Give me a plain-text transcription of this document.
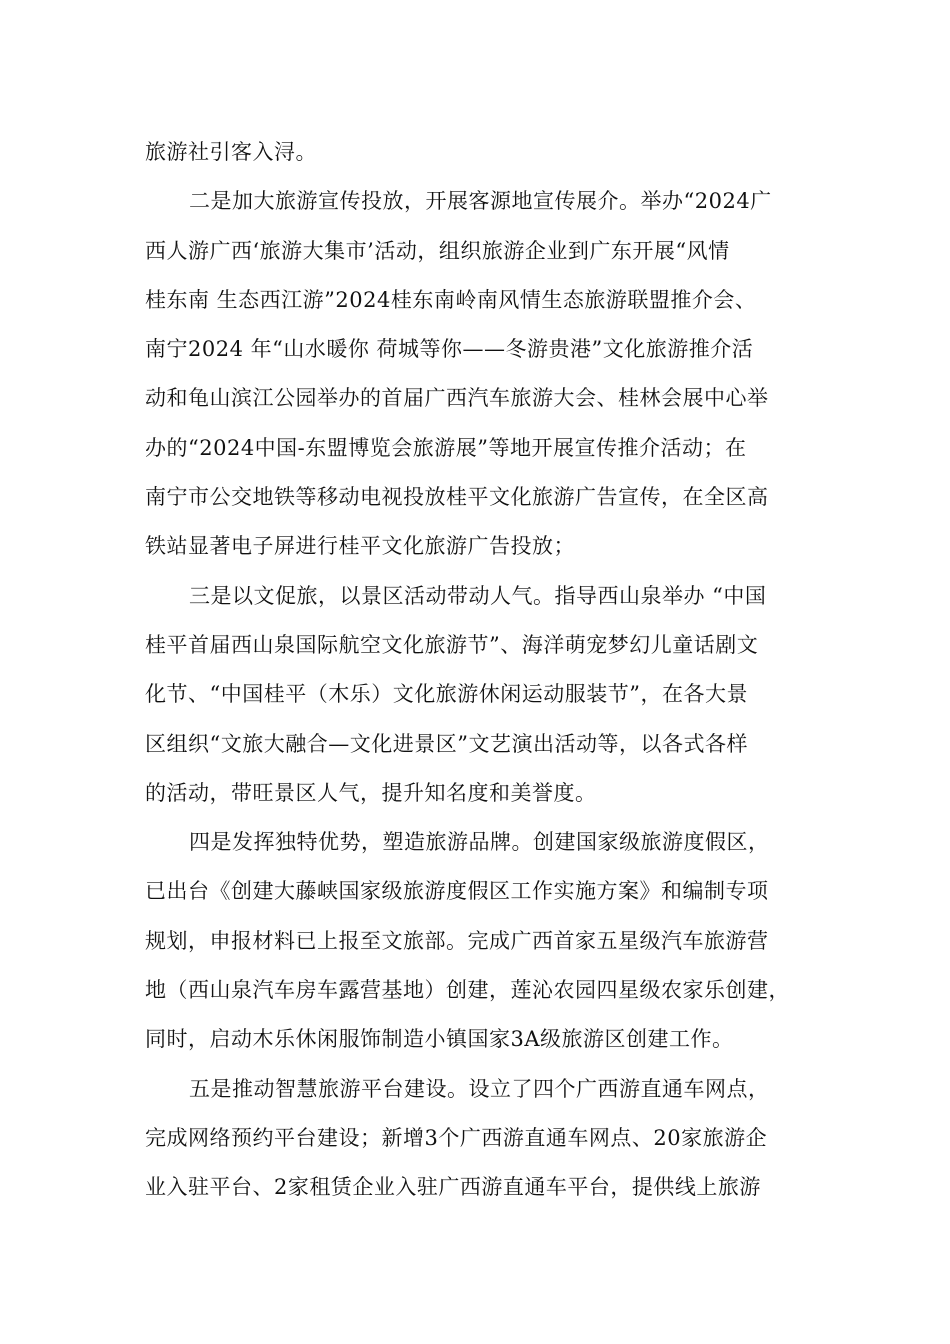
旅游社引客入浔。
二是加大旅游宣传投放，开展客源地宣传展介。举办“2024广
西人游广西‘旅游大集市’活动，组织旅游企业到广东开展“风情
桂东南 生态西江游”2024桂东南岭南风情生态旅游联盟推介会、
南宁2024 年“山水暖你 荷城等你——冬游贵港”文化旅游推介活
动和龟山滨江公园举办的首届广西汽车旅游大会、桂林会展中心举
办的“2024中国-东盟博览会旅游展”等地开展宣传推介活动；在
南宁市公交地铁等移动电视投放桂平文化旅游广告宣传，在全区高
铁站显著电子屏进行桂平文化旅游广告投放；
三是以文促旅，以景区活动带动人气。指导西山泉举办 “中国
桂平首届西山泉国际航空文化旅游节”、海洋萌宠梦幻儿童话剧文
化节、“中国桂平（木乐）文化旅游休闲运动服装节”，在各大景
区组织“文旅大融合—文化进景区”文艺演出活动等，以各式各样
的活动，带旺景区人气，提升知名度和美誉度。
四是发挥独特优势，塑造旅游品牌。创建国家级旅游度假区，
已出台《创建大藤峡国家级旅游度假区工作实施方案》和编制专项
规划，申报材料已上报至文旅部。完成广西首家五星级汽车旅游营
地（西山泉汽车房车露营基地）创建，莲沁农园四星级农家乐创建，
同时，启动木乐休闲服饰制造小镇国家3A级旅游区创建工作。
五是推动智慧旅游平台建设。设立了四个广西游直通车网点，
完成网络预约平台建设；新增3个广西游直通车网点、20家旅游企
业入驻平台、2家租赁企业入驻广西游直通车平台，提供线上旅游
